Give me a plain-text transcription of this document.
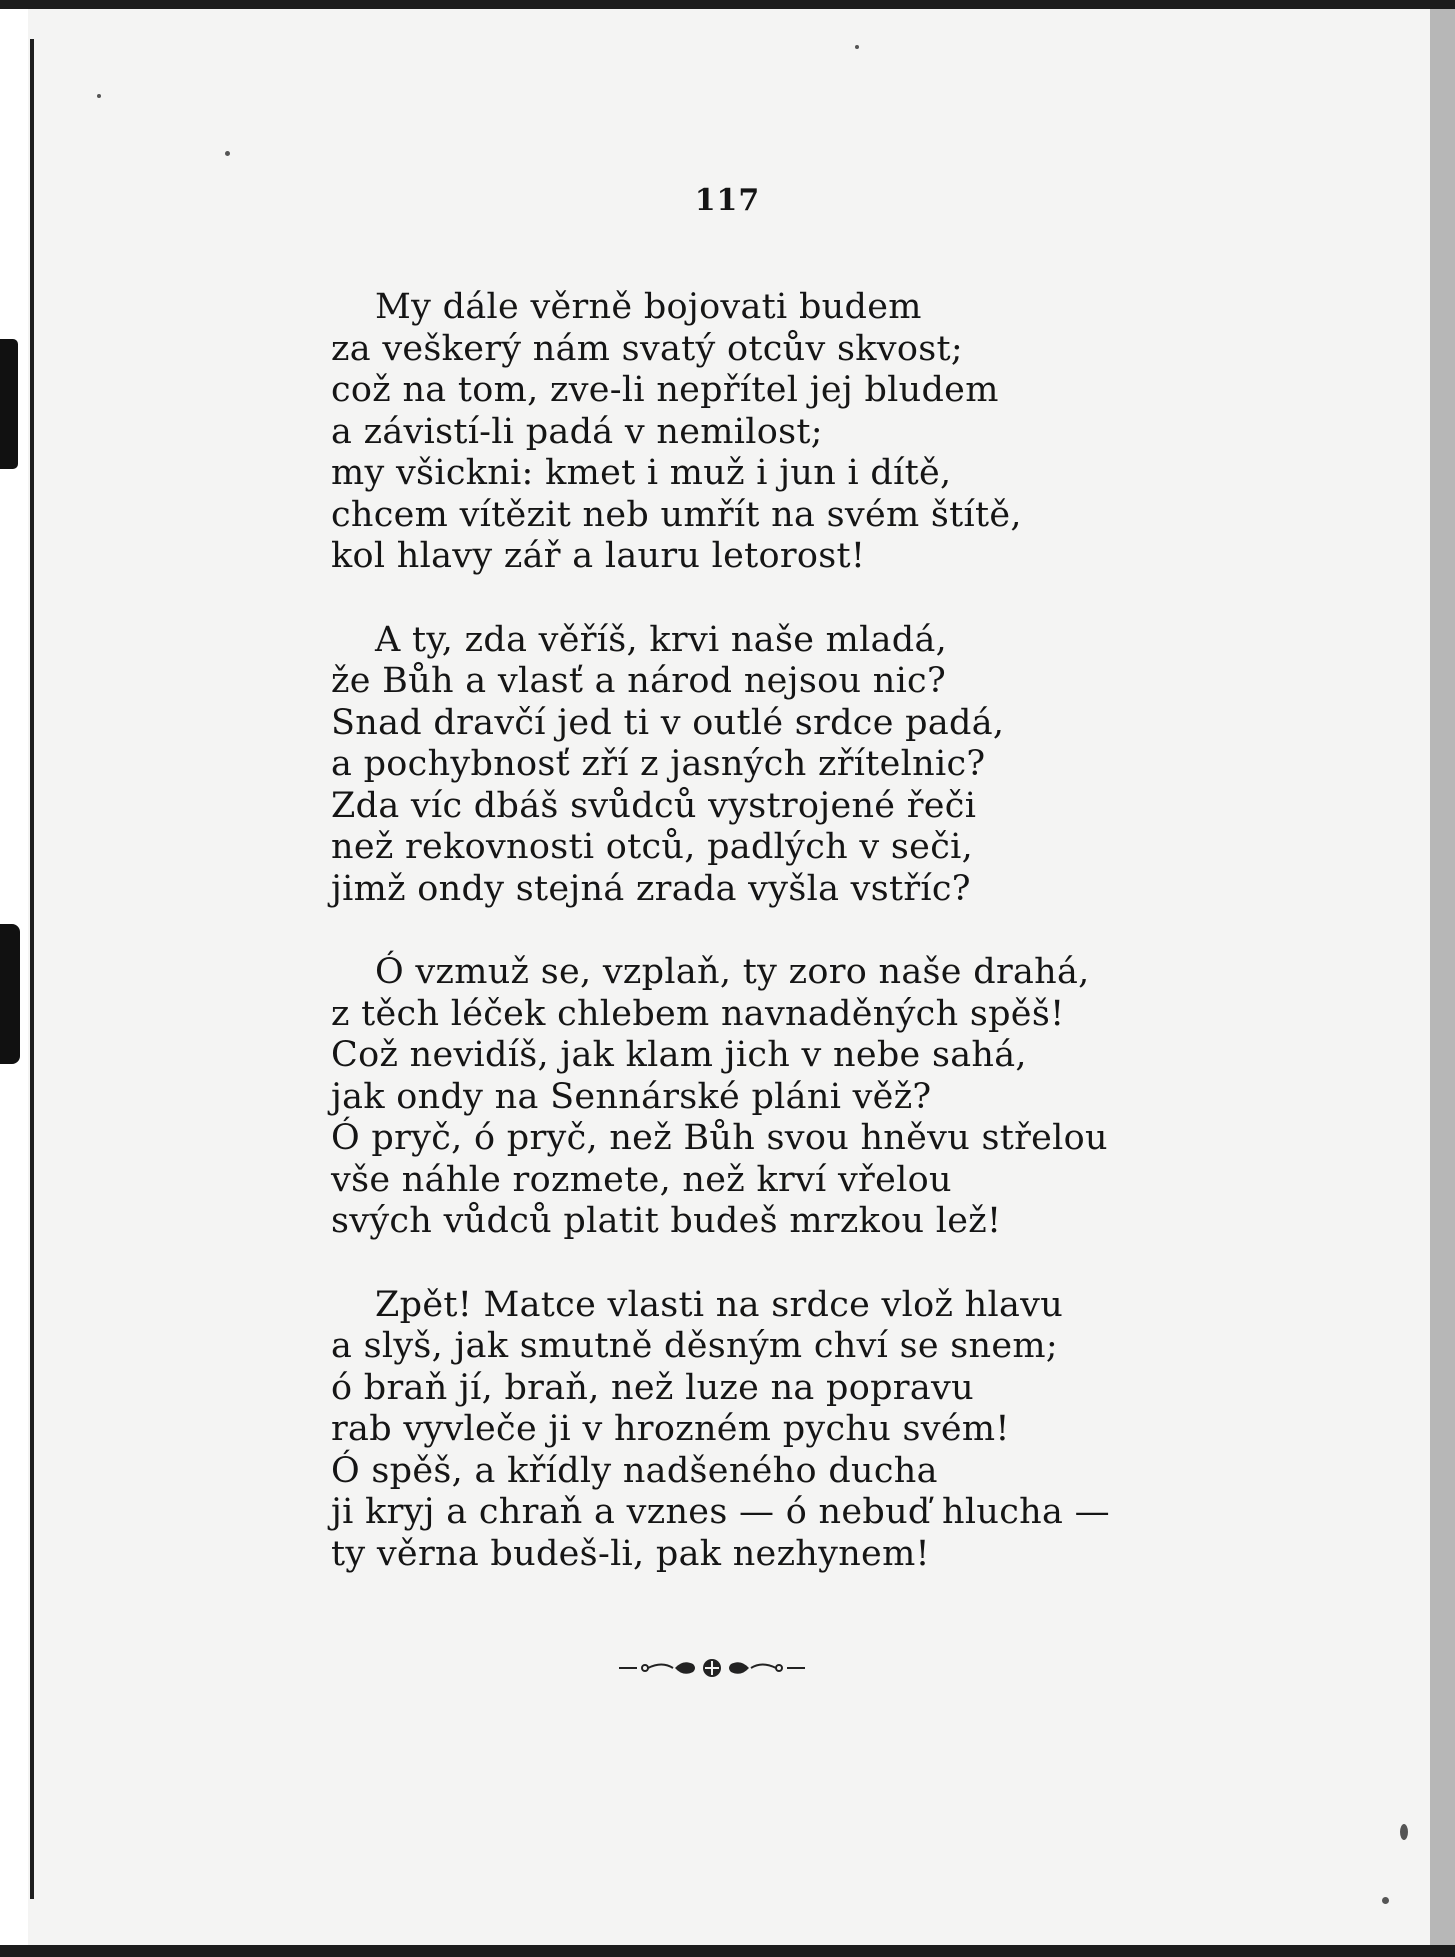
117
My dále věrně bojovati budem
za veškerý nám svatý otcův skvost;
což na tom, zve-li nepřítel jej bludem
a závistí-li padá v nemilost;
my všickni: kmet i muž i jun i dítě,
chcem vítězit neb umřít na svém štítě,
kol hlavy zář a lauru letorost!
A ty, zda věříš, krvi naše mladá,
že Bůh a vlasť a národ nejsou nic?
Snad dravčí jed ti v outlé srdce padá,
a pochybnosť zří z jasných zřítelnic?
Zda víc dbáš svůdců vystrojené řeči
než rekovnosti otců, padlých v seči,
jimž ondy stejná zrada vyšla vstříc?
Ó vzmuž se, vzplaň, ty zoro naše drahá,
z těch léček chlebem navnaděných spěš!
Což nevidíš, jak klam jich v nebe sahá,
jak ondy na Sennárské pláni věž?
Ó pryč, ó pryč, než Bůh svou hněvu střelou
vše náhle rozmete, než krví vřelou
svých vůdců platit budeš mrzkou lež!
Zpět! Matce vlasti na srdce vlož hlavu
a slyš, jak smutně děsným chví se snem;
ó braň jí, braň, než luze na popravu
rab vyvleče ji v hrozném pychu svém!
Ó spěš, a křídly nadšeného ducha
ji kryj a chraň a vznes — ó nebuď hlucha —
ty věrna budeš-li, pak nezhynem!
